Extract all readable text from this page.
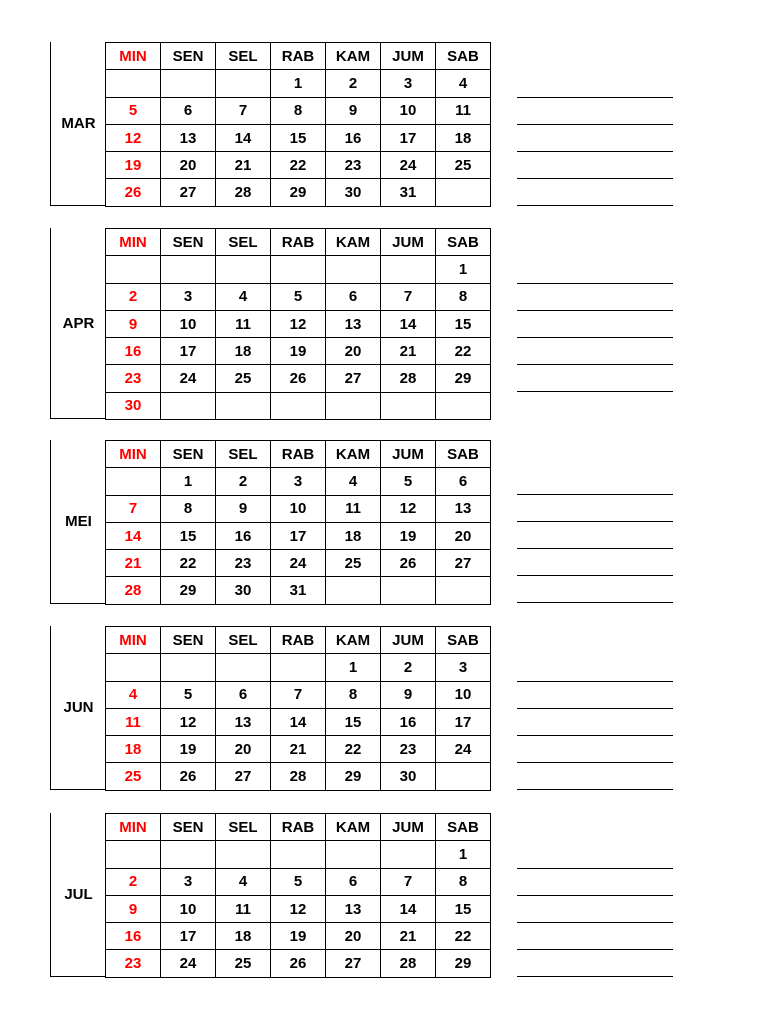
MAR
MIN	SEN	SEL	RAB	KAM	JUM	SAB
			1	2	3	4
5	6	7	8	9	10	11
12	13	14	15	16	17	18
19	20	21	22	23	24	25
26	27	28	29	30	31	
APR
MIN	SEN	SEL	RAB	KAM	JUM	SAB
						1
2	3	4	5	6	7	8
9	10	11	12	13	14	15
16	17	18	19	20	21	22
23	24	25	26	27	28	29
30						
MEI
MIN	SEN	SEL	RAB	KAM	JUM	SAB
	1	2	3	4	5	6
7	8	9	10	11	12	13
14	15	16	17	18	19	20
21	22	23	24	25	26	27
28	29	30	31			
JUN
MIN	SEN	SEL	RAB	KAM	JUM	SAB
				1	2	3
4	5	6	7	8	9	10
11	12	13	14	15	16	17
18	19	20	21	22	23	24
25	26	27	28	29	30	
JUL
MIN	SEN	SEL	RAB	KAM	JUM	SAB
						1
2	3	4	5	6	7	8
9	10	11	12	13	14	15
16	17	18	19	20	21	22
23	24	25	26	27	28	29
